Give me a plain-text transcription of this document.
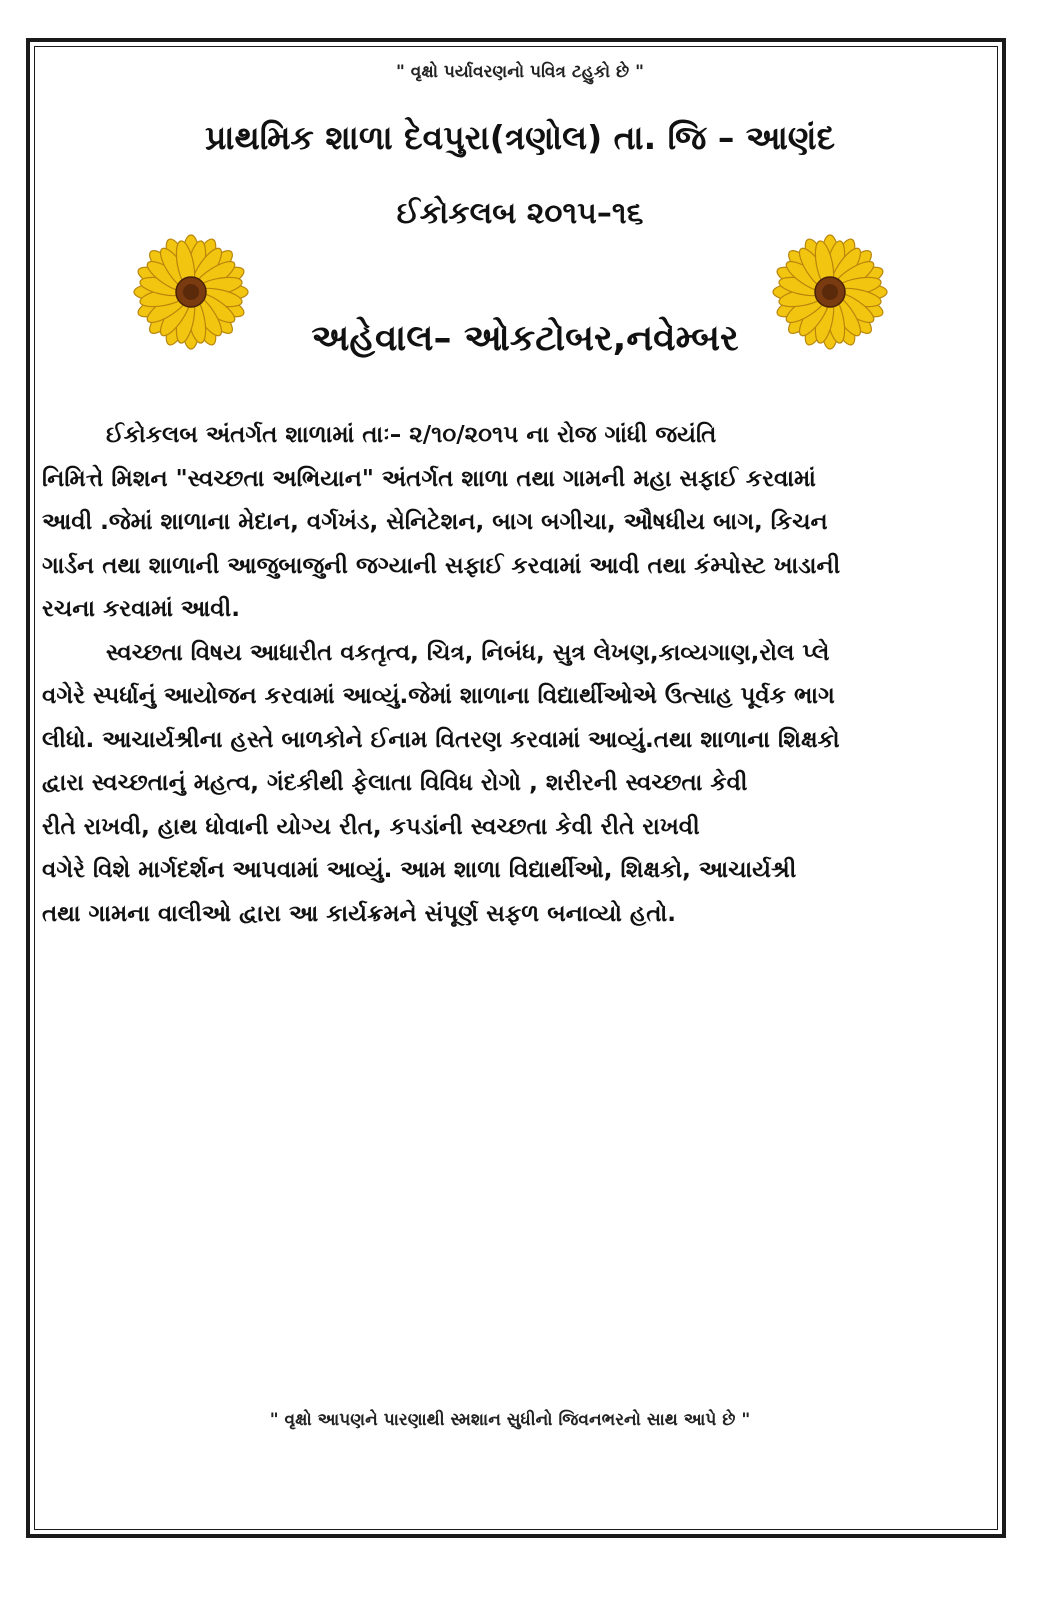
" વૃક્ષો પર્યાવરણનો પવિત્ર ટહુકો છે "
પ્રાથમિક શાળા દેવપુરા(ત્રણોલ) તા. જિ – આણંદ
ઈકોકલબ ૨૦૧૫–૧૬
અહેવાલ– ઓકટોબર,નવેમ્બર
ઈકોકલબ અંતર્ગત શાળામાં તાઃ– ૨/૧૦/૨૦૧૫ ના રોજ ગાંધી જયંતિ
નિમિત્તે મિશન "સ્વચ્છતા અભિયાન" અંતર્ગત શાળા તથા ગામની મહા સફાઈ કરવામાં
આવી .જેમાં શાળાના મેદાન, વર્ગખંડ, સેનિટેશન, બાગ બગીચા, ઔષધીય બાગ, કિચન
ગાર્ડન તથા શાળાની આજુબાજુની જગ્યાની સફાઈ કરવામાં આવી તથા કંમ્પોસ્ટ ખાડાની
રચના કરવામાં આવી.
સ્વચ્છતા વિષય આધારીત વકતૃત્વ, ચિત્ર, નિબંધ, સુત્ર લેખણ,કાવ્યગાણ,રોલ પ્લે
વગેરે સ્પર્ધાનું આયોજન કરવામાં આવ્યું.જેમાં શાળાના વિદ્યાર્થીઓએ ઉત્સાહ પૂર્વક ભાગ
લીધો. આચાર્યશ્રીના હસ્તે બાળકોને ઈનામ વિતરણ કરવામાં આવ્યું.તથા શાળાના શિક્ષકો
દ્વારા સ્વચ્છતાનું મહત્વ, ગંદકીથી ફેલાતા વિવિધ રોગો , શરીરની સ્વચ્છતા કેવી
રીતે રાખવી, હાથ ધોવાની યોગ્ય રીત, કપડાંની સ્વચ્છતા કેવી રીતે રાખવી
વગેરે વિશે માર્ગદર્શન આપવામાં આવ્યું. આમ શાળા વિદ્યાર્થીઓ, શિક્ષકો, આચાર્યશ્રી
તથા ગામના વાલીઓ દ્વારા આ કાર્યક્રમને સંપૂર્ણ સફળ બનાવ્યો હતો.
" વૃક્ષો આપણને પારણાથી સ્મશાન સુધીનો જિવનભરનો સાથ આપે છે "
